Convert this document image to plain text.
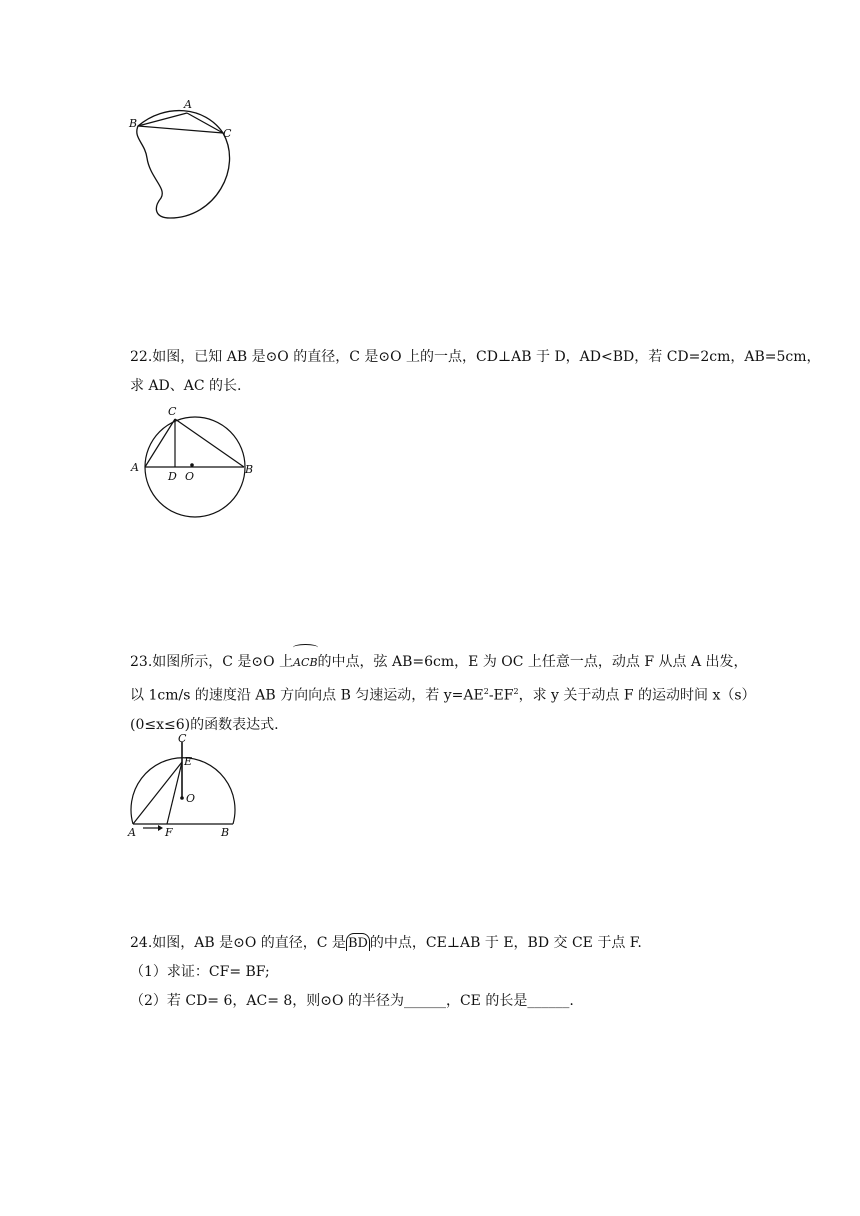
B
A
C
22.如图，已知 AB 是⊙O 的直径，C 是⊙O 上的一点，CD⊥AB 于 D，AD<BD，若 CD=2cm，AB=5cm，
求 AD、AC 的长.
C
A
D O
B
23.如图所示，C 是⊙O 上ACB的中点，弦 AB=6cm，E 为 OC 上任意一点，动点 F 从点 A 出发，
以 1cm/s 的速度沿 AB 方向向点 B 匀速运动，若 $y=AE^2-EF^2$，求 y 关于动点 F 的运动时间 x（s）
(0≤x≤6)的函数表达式.
C
E
O
A	F	B
24.如图，AB 是⊙O 的直径，C 是 BD 的中点，CE⊥AB 于 E，BD 交 CE 于点 F.
（1）求证：CF= BF;
（2）若 CD= 6，AC= 8，则⊙O 的半径为______，CE 的长是______.
